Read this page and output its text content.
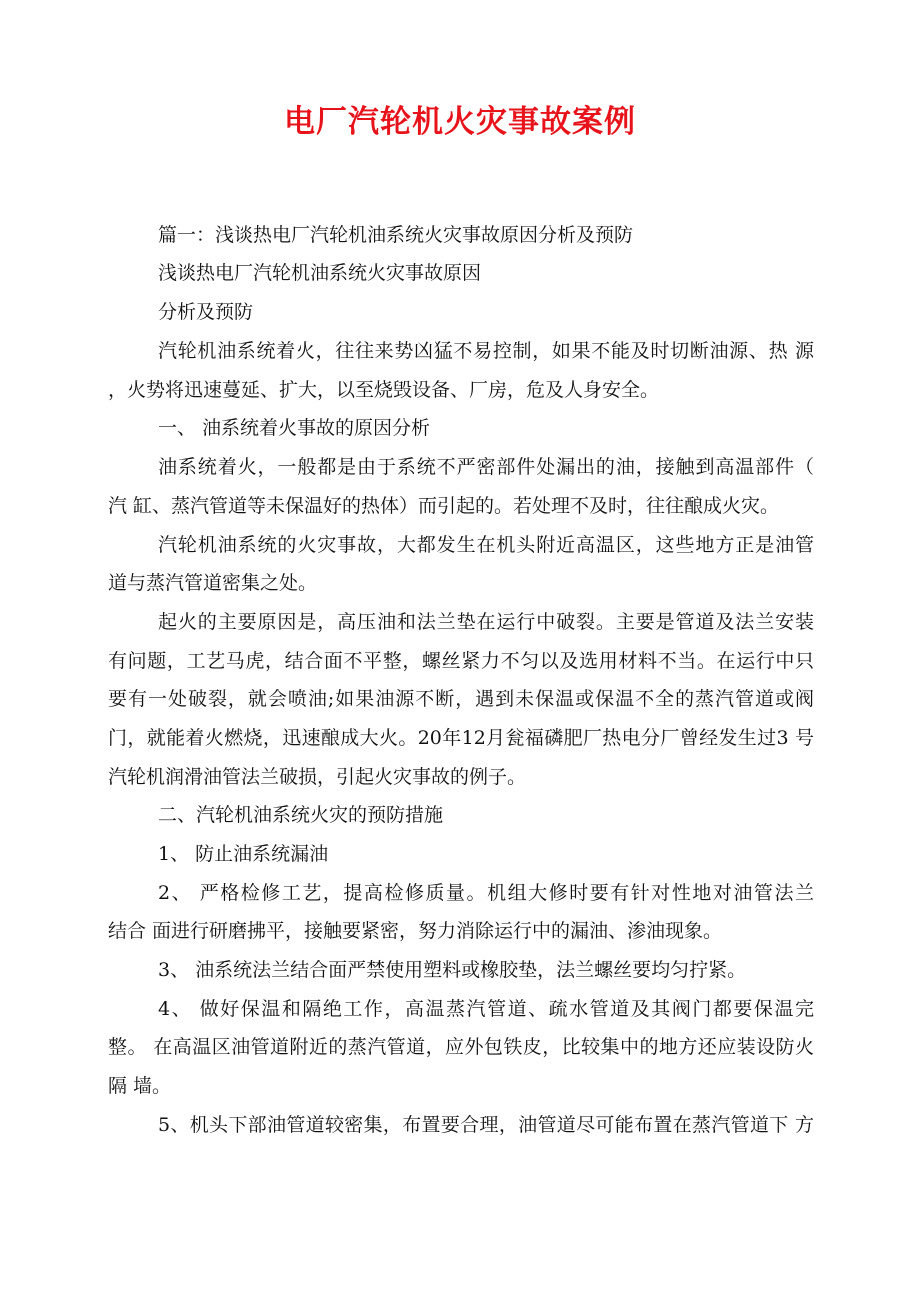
电厂汽轮机火灾事故案例

篇一：浅谈热电厂汽轮机油系统火灾事故原因分析及预防

浅谈热电厂汽轮机油系统火灾事故原因

分析及预防

汽轮机油系统着火，往往来势凶猛不易控制，如果不能及时切断油源、热 源

，火势将迅速蔓延、扩大，以至烧毁设备、厂房，危及人身安全。

一、 油系统着火事故的原因分析

油系统着火，一般都是由于系统不严密部件处漏出的油，接触到高温部件（

汽 缸、蒸汽管道等未保温好的热体）而引起的。若处理不及时，往往酿成火灾。

汽轮机油系统的火灾事故，大都发生在机头附近高温区，这些地方正是油管

道与蒸汽管道密集之处。

起火的主要原因是，高压油和法兰垫在运行中破裂。主要是管道及法兰安装

有问题，工艺马虎，结合面不平整，螺丝紧力不匀以及选用材料不当。在运行中只

要有一处破裂，就会喷油;如果油源不断，遇到未保温或保温不全的蒸汽管道或阀

门，就能着火燃烧，迅速酿成大火。20年12月瓮福磷肥厂热电分厂曾经发生过3 号

汽轮机润滑油管法兰破损，引起火灾事故的例子。

二、汽轮机油系统火灾的预防措施

1、 防止油系统漏油

2、 严格检修工艺，提高检修质量。机组大修时要有针对性地对油管法兰

结合 面进行研磨拂平，接触要紧密，努力消除运行中的漏油、渗油现象。

3、 油系统法兰结合面严禁使用塑料或橡胶垫，法兰螺丝要均匀拧紧。

4、 做好保温和隔绝工作，高温蒸汽管道、疏水管道及其阀门都要保温完

整。 在高温区油管道附近的蒸汽管道，应外包铁皮，比较集中的地方还应装设防火

隔 墙。

5、机头下部油管道较密集，布置要合理，油管道尽可能布置在蒸汽管道下 方
